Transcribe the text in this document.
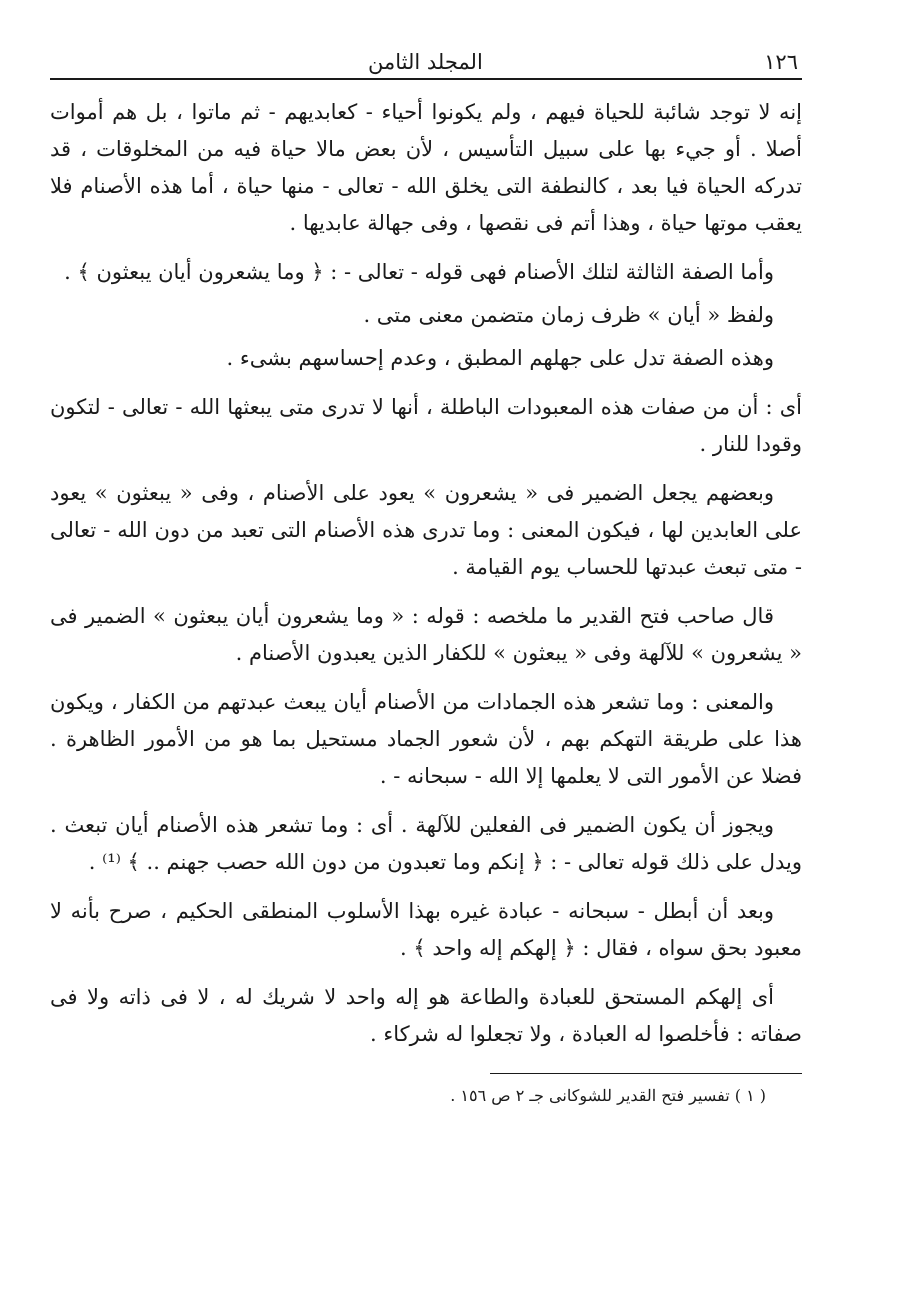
١٢٦
المجلد الثامن

إنه لا توجد شائبة للحياة فيهم ، ولم يكونوا أحياء - كعابديهم - ثم ماتوا ، بل هم أموات أصلا . أو جيء بها على سبيل التأسيس ، لأن بعض مالا حياة فيه من المخلوقات ، قد تدركه الحياة فيا بعد ، كالنطفة التى يخلق الله - تعالى - منها حياة ، أما هذه الأصنام فلا يعقب موتها حياة ، وهذا أتم فى نقصها ، وفى جهالة عابديها .

وأما الصفة الثالثة لتلك الأصنام فهى قوله - تعالى - : ﴿ وما يشعرون أيان يبعثون ﴾ .

ولفظ « أيان » ظرف زمان متضمن معنى متى .

وهذه الصفة تدل على جهلهم المطبق ، وعدم إحساسهم بشىء .

أى : أن من صفات هذه المعبودات الباطلة ، أنها لا تدرى متى يبعثها الله - تعالى - لتكون وقودا للنار .

وبعضهم يجعل الضمير فى « يشعرون » يعود على الأصنام ، وفى « يبعثون » يعود على العابدين لها ، فيكون المعنى : وما تدرى هذه الأصنام التى تعبد من دون الله - تعالى - متى تبعث عبدتها للحساب يوم القيامة .

قال صاحب فتح القدير ما ملخصه : قوله : « وما يشعرون أيان يبعثون » الضمير فى « يشعرون » للآلهة وفى « يبعثون » للكفار الذين يعبدون الأصنام .

والمعنى : وما تشعر هذه الجمادات من الأصنام أيان يبعث عبدتهم من الكفار ، ويكون هذا على طريقة التهكم بهم ، لأن شعور الجماد مستحيل بما هو من الأمور الظاهرة . فضلا عن الأمور التى لا يعلمها إلا الله - سبحانه - .

ويجوز أن يكون الضمير فى الفعلين للآلهة . أى : وما تشعر هذه الأصنام أيان تبعث . ويدل على ذلك قوله تعالى - : ﴿ إنكم وما تعبدون من دون الله حصب جهنم .. ﴾ ⁽¹⁾ .

وبعد أن أبطل - سبحانه - عبادة غيره بهذا الأسلوب المنطقى الحكيم ، صرح بأنه لا معبود بحق سواه ، فقال : ﴿ إلهكم إله واحد ﴾ .

أى إلهكم المستحق للعبادة والطاعة هو إله واحد لا شريك له ، لا فى ذاته ولا فى صفاته : فأخلصوا له العبادة ، ولا تجعلوا له شركاء .

( ١ ) تفسير فتح القدير للشوكانى جـ ٢ ص ١٥٦ .
